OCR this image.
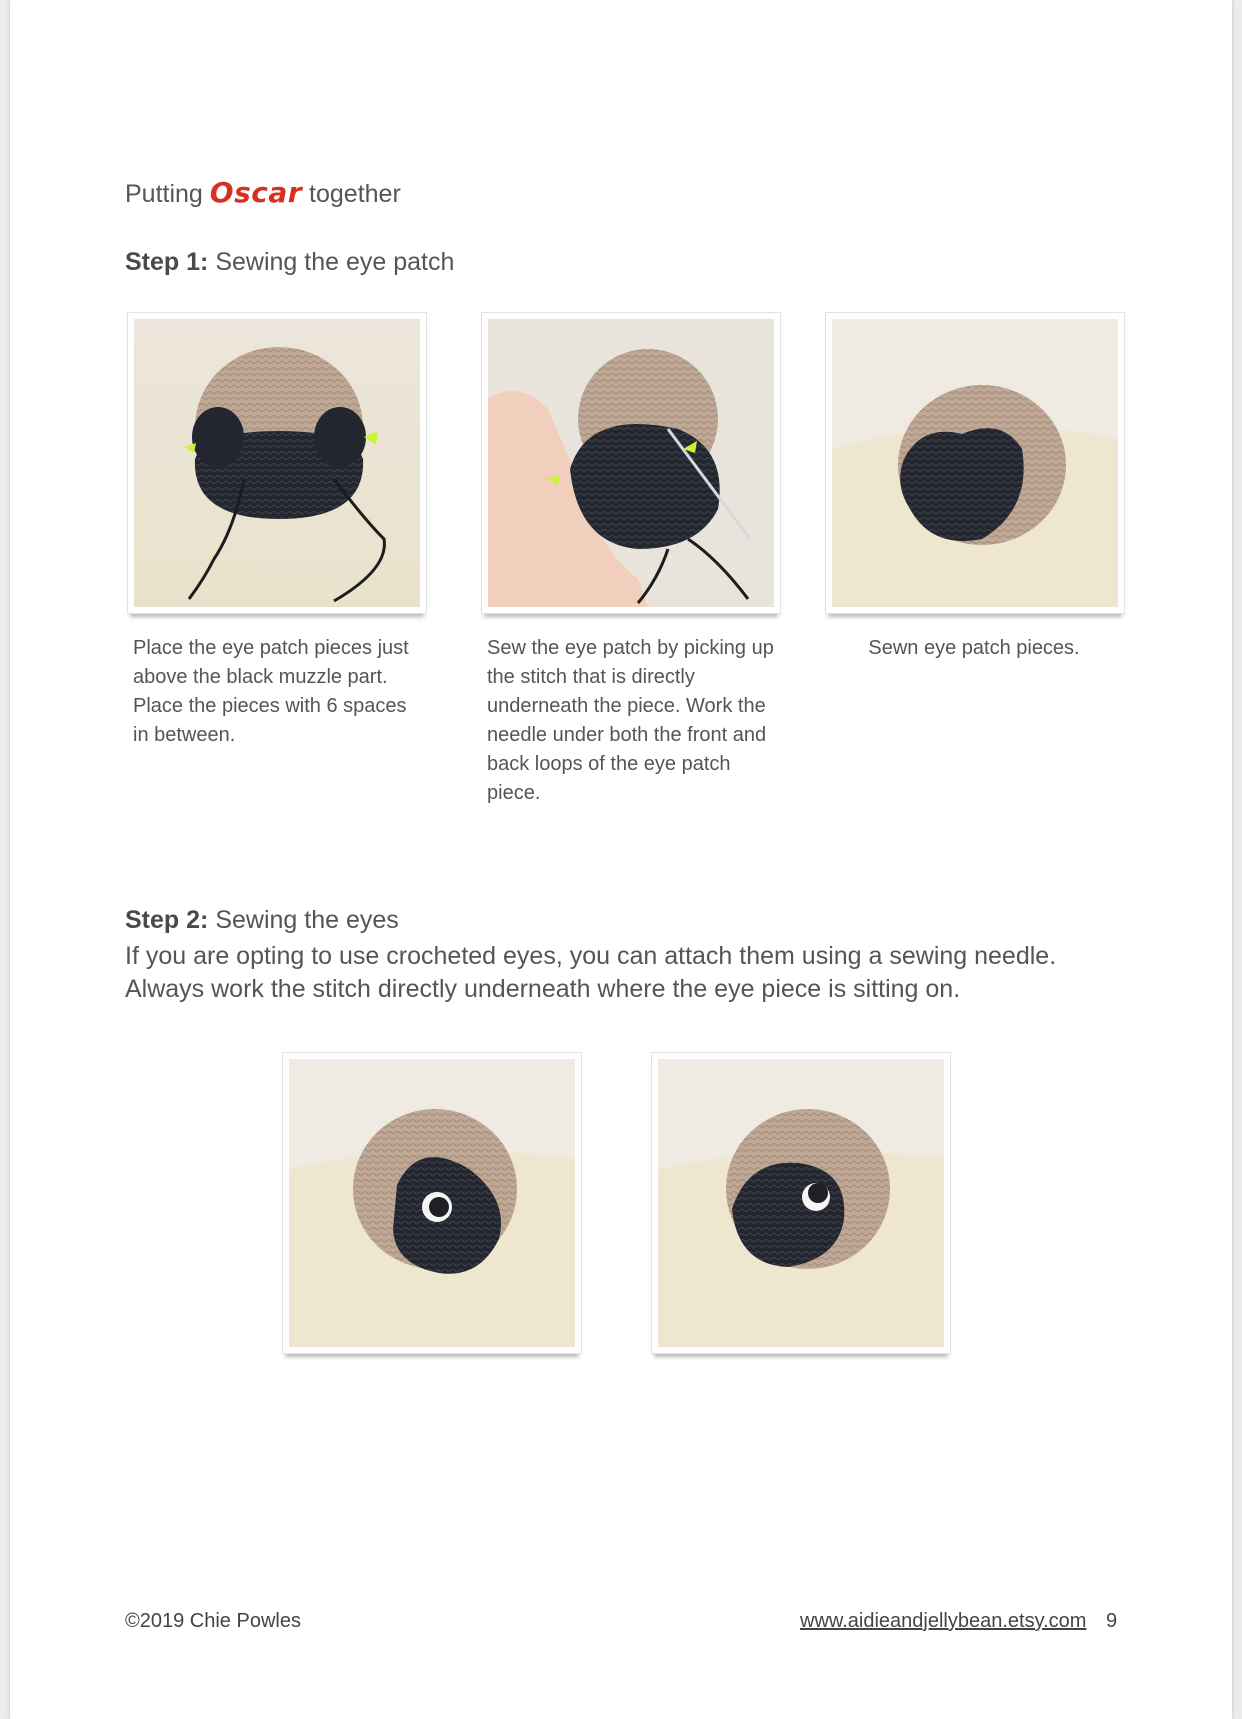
Putting Oscar together
Step 1: Sewing the eye patch
Place the eye patch pieces just above the black muzzle part. Place the pieces with 6 spaces in between.
Sew the eye patch by picking up the stitch that is directly underneath the piece. Work the needle under both the front and back loops of the eye patch piece.
Sewn eye patch pieces.
Step 2: Sewing the eyes
If you are opting to use crocheted eyes, you can attach them using a sewing needle.
Always work the stitch directly underneath where the eye piece is sitting on.
©2019 Chie Powles	www.aidieandjellybean.etsy.com 9
